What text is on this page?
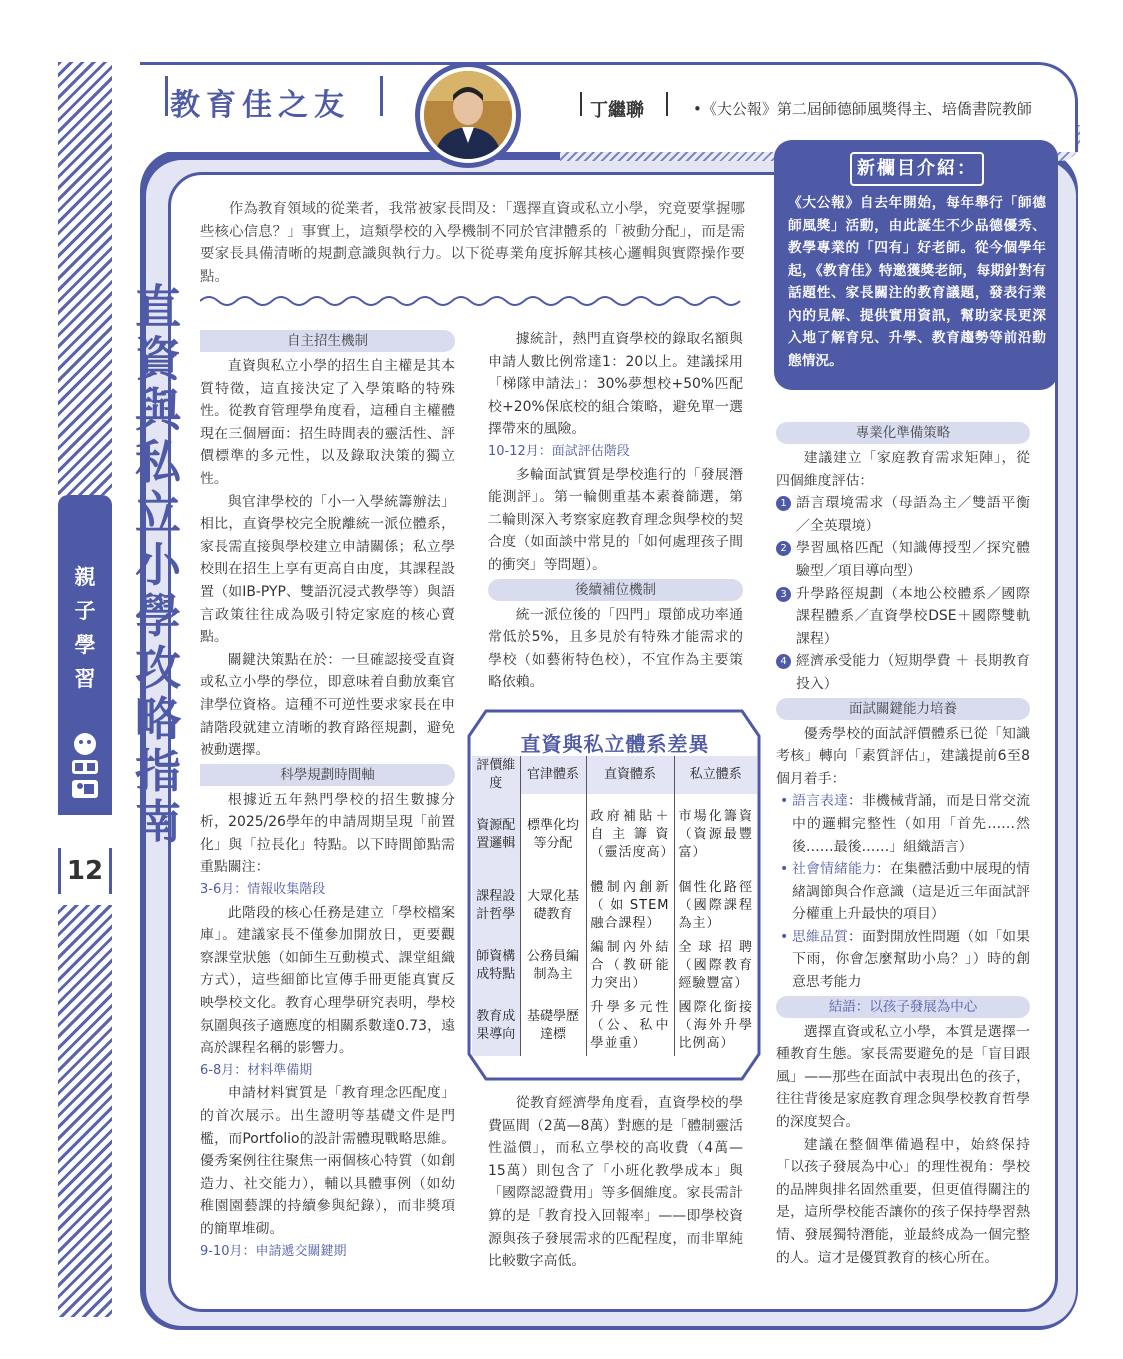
親
子
學
習
12
教育佳之友	丁繼聯	•《大公報》第二屆師德師風獎得主、培僑書院教師
直資與私立小學攻略指南
新欄目介紹：
《大公報》自去年開始，每年舉行「師德師風獎」活動，由此誕生不少品德優秀、教學專業的「四有」好老師。從今個學年起，《教育佳》特邀獲獎老師，每期針對有話題性、家長關注的教育議題，發表行業內的見解、提供實用資訊，幫助家長更深入地了解育兒、升學、教育趨勢等前沿動態情況。
作為教育領域的從業者，我常被家長問及：「選擇直資或私立小學，究竟要掌握哪些核心信息？」事實上，這類學校的入學機制不同於官津體系的「被動分配」，而是需要家長具備清晰的規劃意識與執行力。以下從專業角度拆解其核心邏輯與實際操作要點。
自主招生機制

直資與私立小學的招生自主權是其本質特徵，這直接決定了入學策略的特殊性。從教育管理學角度看，這種自主權體現在三個層面：招生時間表的靈活性、評價標準的多元性，以及錄取決策的獨立性。

與官津學校的「小一入學統籌辦法」相比，直資學校完全脫離統一派位體系，家長需直接與學校建立申請關係；私立學校則在招生上享有更高自由度，其課程設置（如IB-PYP、雙語沉浸式教學等）與語言政策往往成為吸引特定家庭的核心賣點。

關鍵決策點在於：一旦確認接受直資或私立小學的學位，即意味着自動放棄官津學位資格。這種不可逆性要求家長在申請階段就建立清晰的教育路徑規劃，避免被動選擇。

科學規劃時間軸

根據近五年熱門學校的招生數據分析，2025/26學年的申請周期呈現「前置化」與「拉長化」特點。以下時間節點需重點關注：

3-6月：情報收集階段

此階段的核心任務是建立「學校檔案庫」。建議家長不僅參加開放日，更要觀察課堂狀態（如師生互動模式、課堂組織方式），這些細節比宣傳手冊更能真實反映學校文化。教育心理學研究表明，學校氛圍與孩子適應度的相關系數達0.73，遠高於課程名稱的影響力。

6-8月：材料準備期

申請材料實質是「教育理念匹配度」的首次展示。出生證明等基礎文件是門檻，而Portfolio的設計需體現戰略思維。優秀案例往往聚焦一兩個核心特質（如創造力、社交能力），輔以具體事例（如幼稚園園藝課的持續參與紀錄），而非獎項的簡單堆砌。

9-10月：申請遞交關鍵期

據統計，熱門直資學校的錄取名額與申請人數比例常達1：20以上。建議採用「梯隊申請法」：30%夢想校+50%匹配校+20%保底校的組合策略，避免單一選擇帶來的風險。

10-12月：面試評估階段

多輪面試實質是學校進行的「發展潛能測評」。第一輪側重基本素養篩選，第二輪則深入考察家庭教育理念與學校的契合度（如面談中常見的「如何處理孩子間的衝突」等問題）。

後續補位機制

統一派位後的「四門」環節成功率通常低於5%，且多見於有特殊才能需求的學校（如藝術特色校），不宜作為主要策略依賴。

直資與私立體系差異
評價維度	官津體系	直資體系	私立體系
資源配置邏輯	標準化均等分配	政府補貼＋自主籌資（靈活度高）	市場化籌資（資源最豐富）
課程設計哲學	大眾化基礎教育	體制內創新（如STEM融合課程）	個性化路徑（國際課程為主）
師資構成特點	公務員編制為主	編制內外結合（教研能力突出）	全球招聘（國際教育經驗豐富）
教育成果導向	基礎學歷達標	升學多元性（公、私中學並重）	國際化銜接（海外升學比例高）

從教育經濟學角度看，直資學校的學費區間（2萬—8萬）對應的是「體制靈活性溢價」，而私立學校的高收費（4萬—15萬）則包含了「小班化教學成本」與「國際認證費用」等多個維度。家長需計算的是「教育投入回報率」——即學校資源與孩子發展需求的匹配程度，而非單純比較數字高低。

專業化準備策略

建議建立「家庭教育需求矩陣」，從四個維度評估：

1 語言環境需求（母語為主／雙語平衡／全英環境）
2 學習風格匹配（知識傳授型／探究體驗型／項目導向型）
3 升學路徑規劃（本地公校體系／國際課程體系／直資學校DSE＋國際雙軌課程）
4 經濟承受能力（短期學費 ＋ 長期教育投入）
面試關鍵能力培養

優秀學校的面試評價體系已從「知識考核」轉向「素質評估」，建議提前6至8個月着手：

• 語言表達：非機械背誦，而是日常交流中的邏輯完整性（如用「首先……然後……最後……」組織語言）
• 社會情緒能力：在集體活動中展現的情緒調節與合作意識（這是近三年面試評分權重上升最快的項目）
• 思維品質：面對開放性問題（如「如果下雨，你會怎麼幫助小鳥？」）時的創意思考能力
結語：以孩子發展為中心

選擇直資或私立小學，本質是選擇一種教育生態。家長需要避免的是「盲目跟風」——那些在面試中表現出色的孩子，往往背後是家庭教育理念與學校教育哲學的深度契合。

建議在整個準備過程中，始終保持「以孩子發展為中心」的理性視角：學校的品牌與排名固然重要，但更值得關注的是，這所學校能否讓你的孩子保持學習熱情、發展獨特潛能，並最終成為一個完整的人。這才是優質教育的核心所在。
